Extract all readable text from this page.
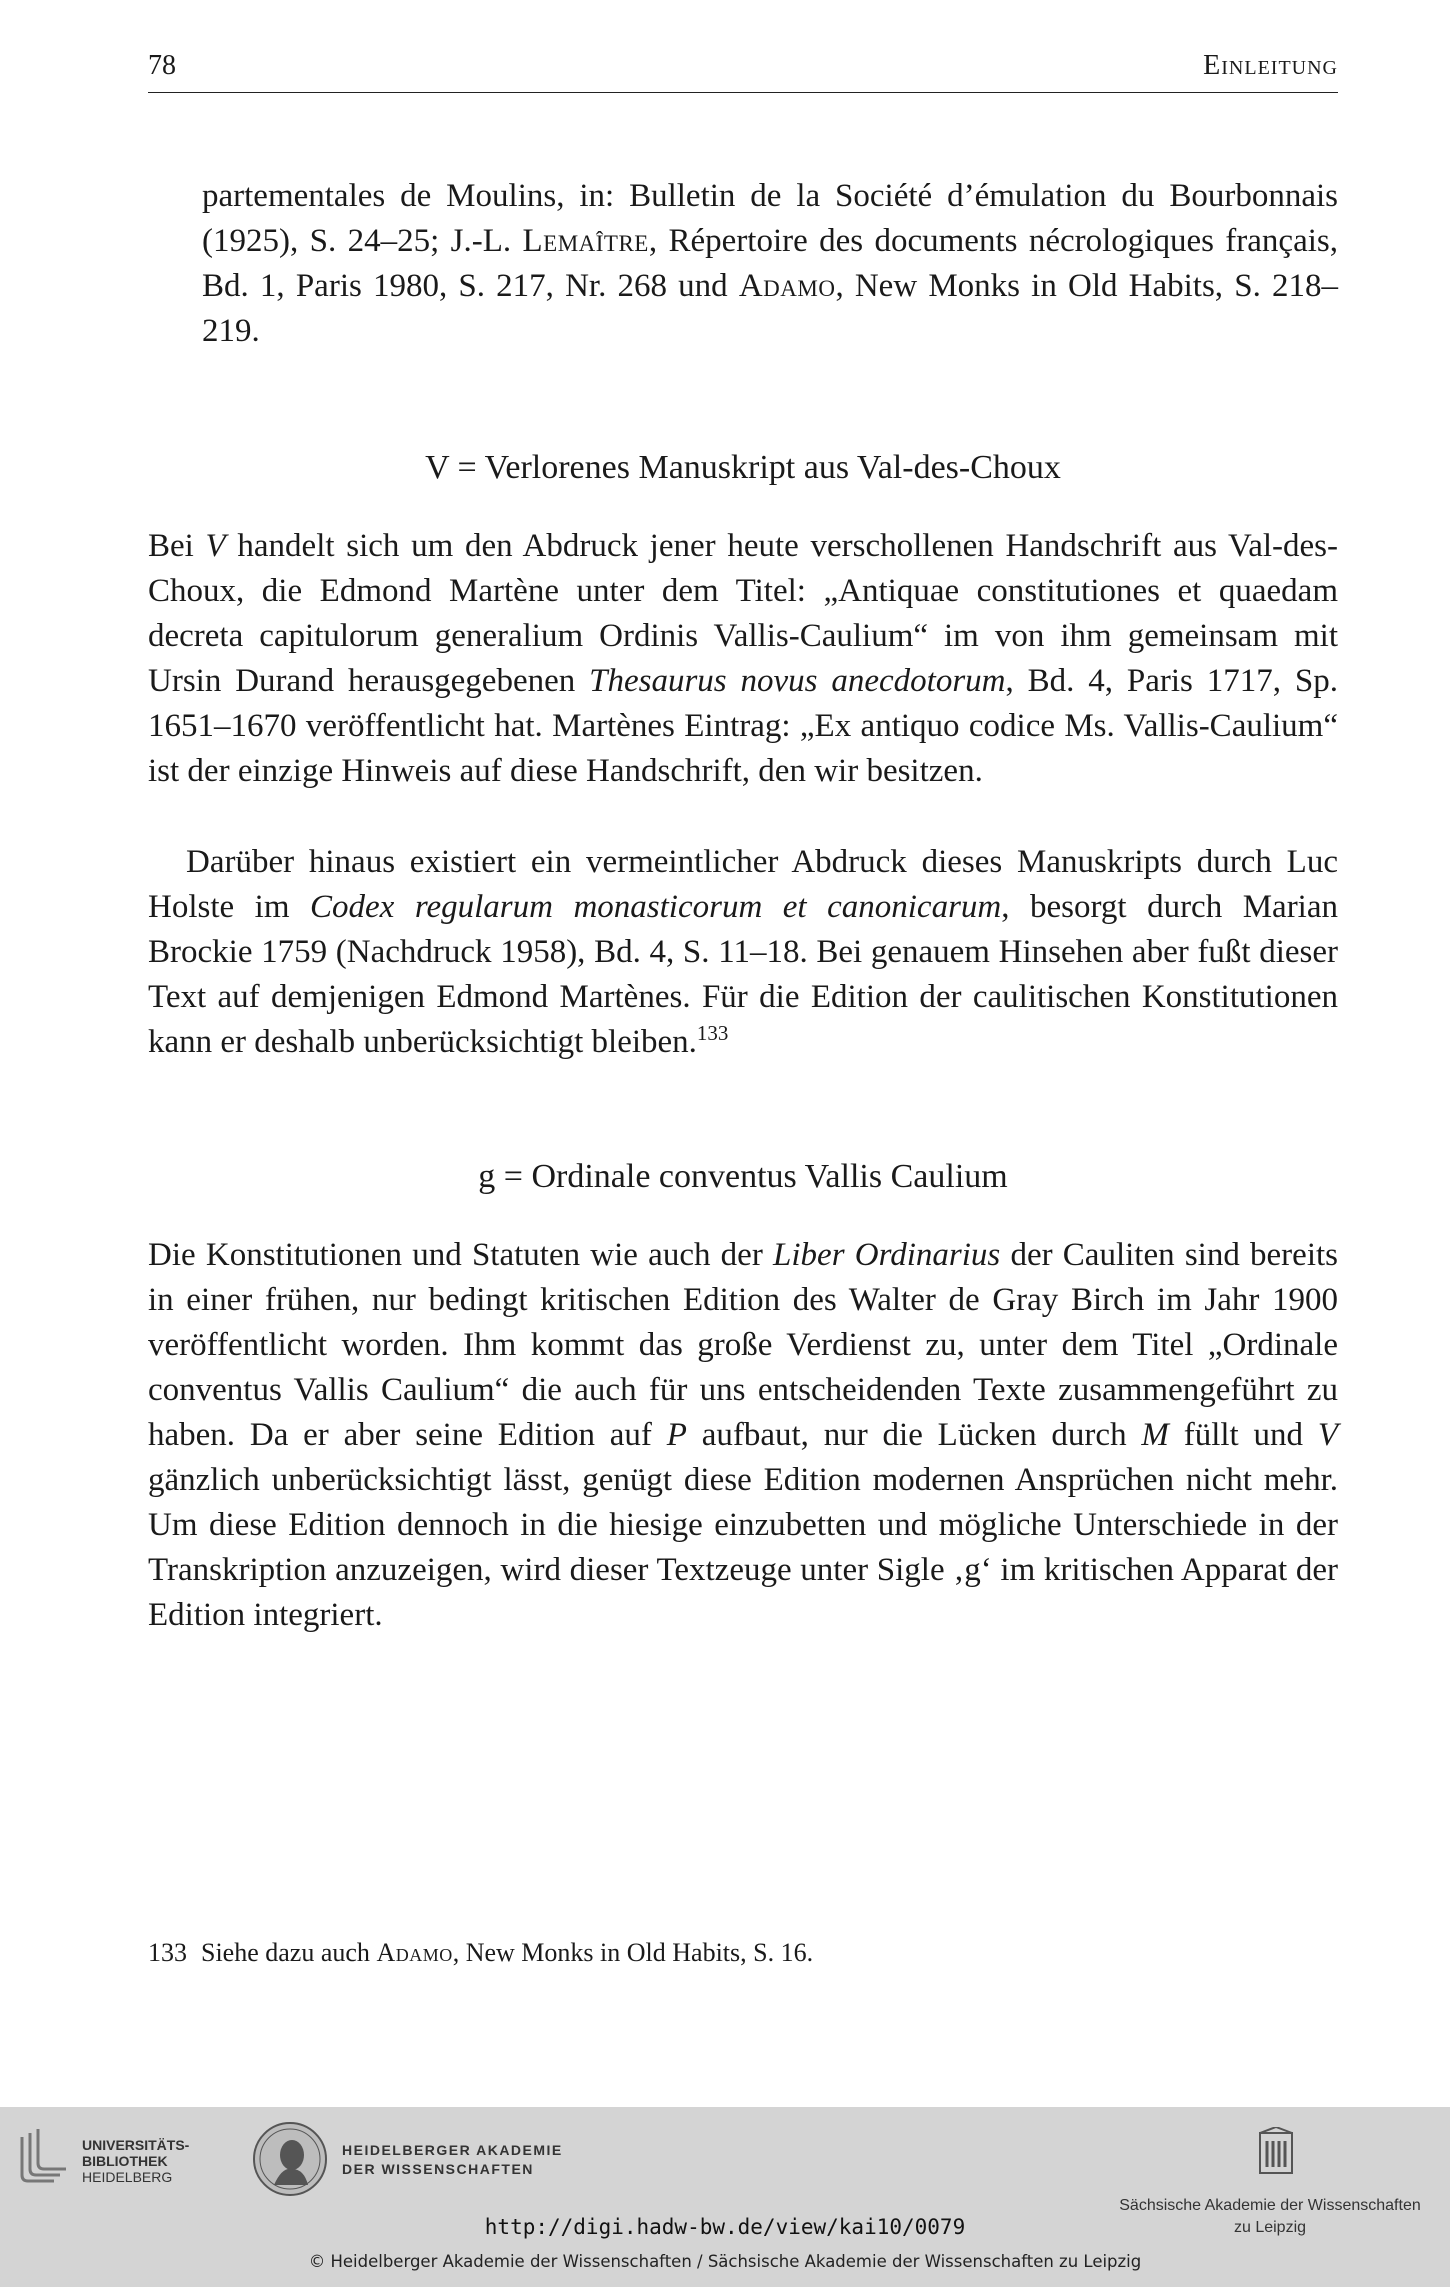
78	Einleitung

partementales de Moulins, in: Bulletin de la Société d’émulation du Bourbonnais (1925), S. 24–25; J.-L. Lemaître, Répertoire des documents nécrologiques français, Bd. 1, Paris 1980, S. 217, Nr. 268 und Adamo, New Monks in Old Habits, S. 218–219.

V = Verlorenes Manuskript aus Val-des-Choux

Bei V handelt sich um den Abdruck jener heute verschollenen Handschrift aus Val-des-Choux, die Edmond Martène unter dem Titel: „Antiquae constitutiones et quaedam decreta capitulorum generalium Ordinis Vallis-Caulium“ im von ihm gemeinsam mit Ursin Durand herausgegebenen Thesaurus novus anecdotorum, Bd. 4, Paris 1717, Sp. 1651–1670 veröffentlicht hat. Martènes Eintrag: „Ex antiquo codice Ms. Vallis-Caulium“ ist der einzige Hinweis auf diese Handschrift, den wir besitzen.

Darüber hinaus existiert ein vermeintlicher Abdruck dieses Manuskripts durch Luc Holste im Codex regularum monasticorum et canonicarum, besorgt durch Marian Brockie 1759 (Nachdruck 1958), Bd. 4, S. 11–18. Bei genauem Hinsehen aber fußt dieser Text auf demjenigen Edmond Martènes. Für die Edition der caulitischen Konstitutionen kann er deshalb unberücksichtigt bleiben.$^{133}$

g = Ordinale conventus Vallis Caulium

Die Konstitutionen und Statuten wie auch der Liber Ordinarius der Cauliten sind bereits in einer frühen, nur bedingt kritischen Edition des Walter de Gray Birch im Jahr 1900 veröffentlicht worden. Ihm kommt das große Verdienst zu, unter dem Titel „Ordinale conventus Vallis Caulium“ die auch für uns entscheidenden Texte zusammengeführt zu haben. Da er aber seine Edition auf P aufbaut, nur die Lücken durch M füllt und V gänzlich unberücksichtigt lässt, genügt diese Edition modernen Ansprüchen nicht mehr. Um diese Edition dennoch in die hiesige einzubetten und mögliche Unterschiede in der Transkription anzuzeigen, wird dieser Textzeuge unter Sigle ‚g‘ im kritischen Apparat der Edition integriert.

133 Siehe dazu auch Adamo, New Monks in Old Habits, S. 16.

UNIVERSITÄTS-
BIBLIOTHEK
HEIDELBERG
HEIDELBERGER AKADEMIE
DER WISSENSCHAFTEN
Sächsische Akademie der Wissenschaften
zu Leipzig
http://digi.hadw-bw.de/view/kai10/0079
© Heidelberger Akademie der Wissenschaften / Sächsische Akademie der Wissenschaften zu Leipzig
